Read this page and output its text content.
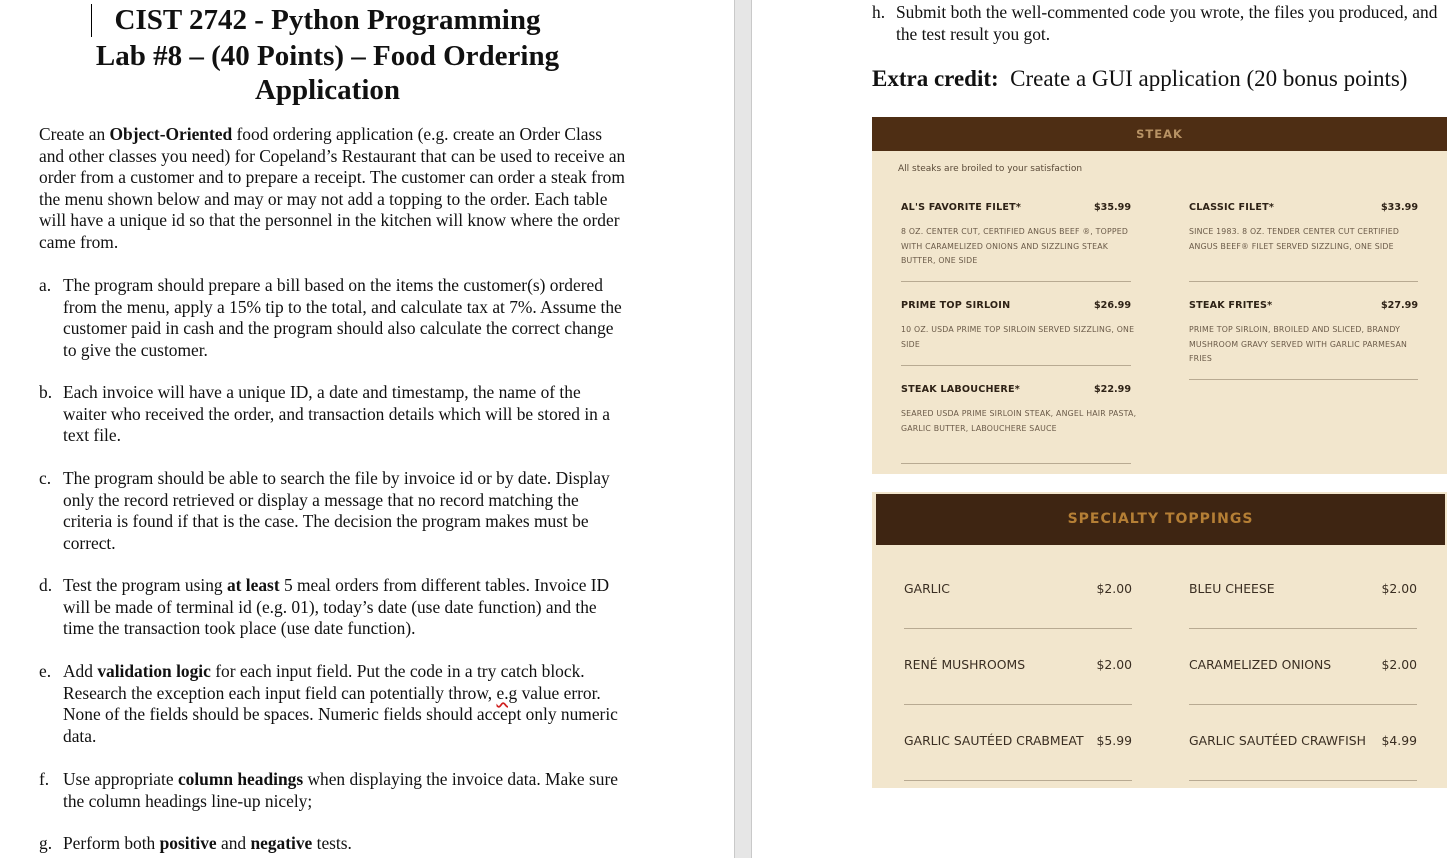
CIST 2742 - Python Programming
Lab #8 – (40 Points) – Food Ordering
Application

Create an Object-Oriented food ordering application (e.g. create an Order Class and other classes you need) for Copeland’s Restaurant that can be used to receive an order from a customer and to prepare a receipt. The customer can order a steak from the menu shown below and may or may not add a topping to the order. Each table will have a unique id so that the personnel in the kitchen will know where the order came from.

a. The program should prepare a bill based on the items the customer(s) ordered from the menu, apply a 15% tip to the total, and calculate tax at 7%. Assume the customer paid in cash and the program should also calculate the correct change to give the customer.
b. Each invoice will have a unique ID, a date and timestamp, the name of the waiter who received the order, and transaction details which will be stored in a text file.
c. The program should be able to search the file by invoice id or by date. Display only the record retrieved or display a message that no record matching the criteria is found if that is the case. The decision the program makes must be correct.
d. Test the program using at least 5 meal orders from different tables. Invoice ID will be made of terminal id (e.g. 01), today’s date (use date function) and the time the transaction took place (use date function).
e. Add validation logic for each input field. Put the code in a try catch block. Research the exception each input field can potentially throw, e.g value error. None of the fields should be spaces. Numeric fields should accept only numeric data.
f. Use appropriate column headings when displaying the invoice data. Make sure the column headings line-up nicely;
g. Perform both positive and negative tests.
h. Submit both the well-commented code you wrote, the files you produced, and the test result you got.
Extra credit:  Create a GUI application (20 bonus points)
STEAK
All steaks are broiled to your satisfaction
AL'S FAVORITE FILET*	$35.99
8 OZ. CENTER CUT, CERTIFIED ANGUS BEEF ®, TOPPED WITH CARAMELIZED ONIONS AND SIZZLING STEAK BUTTER, ONE SIDE
CLASSIC FILET*	$33.99
SINCE 1983. 8 OZ. TENDER CENTER CUT CERTIFIED ANGUS BEEF® FILET SERVED SIZZLING, ONE SIDE
PRIME TOP SIRLOIN	$26.99
10 OZ. USDA PRIME TOP SIRLOIN SERVED SIZZLING, ONE SIDE
STEAK FRITES*	$27.99
PRIME TOP SIRLOIN, BROILED AND SLICED, BRANDY MUSHROOM GRAVY SERVED WITH GARLIC PARMESAN FRIES
STEAK LABOUCHERE*	$22.99
SEARED USDA PRIME SIRLOIN STEAK, ANGEL HAIR PASTA, GARLIC BUTTER, LABOUCHERE SAUCE
SPECIALTY TOPPINGS
GARLIC	$2.00	BLEU CHEESE	$2.00
RENÉ MUSHROOMS	$2.00	CARAMELIZED ONIONS	$2.00
GARLIC SAUTÉED CRABMEAT	$5.99	GARLIC SAUTÉED CRAWFISH	$4.99
